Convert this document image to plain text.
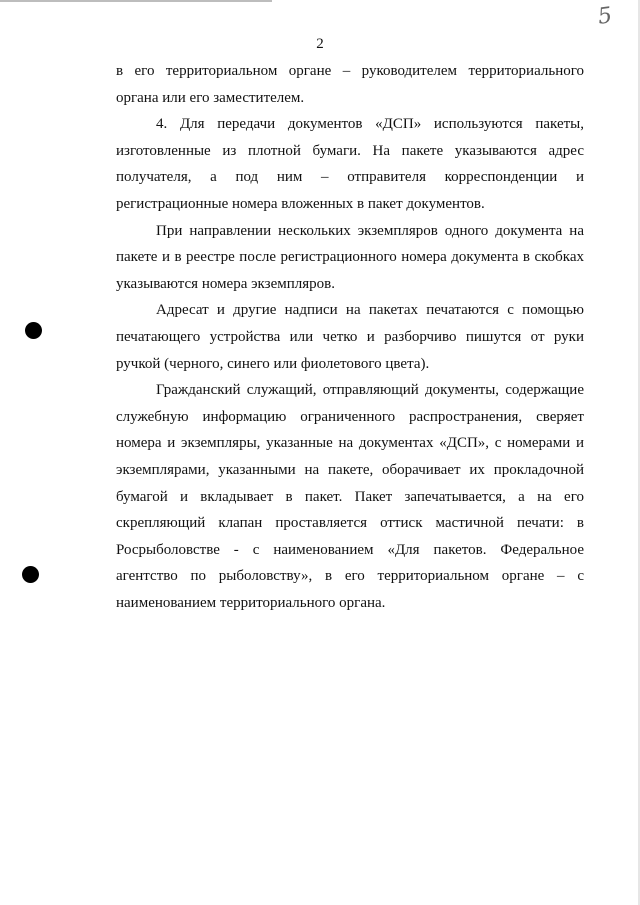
5
2

в его территориальном органе – руководителем территориального органа или его заместителем.

4. Для передачи документов «ДСП» используются пакеты, изготовленные из плотной бумаги. На пакете указываются адрес получателя, а под ним – отправителя корреспонденции и регистрационные номера вложенных в пакет документов.

При направлении нескольких экземпляров одного документа на пакете и в реестре после регистрационного номера документа в скобках указываются номера экземпляров.

Адресат и другие надписи на пакетах печатаются с помощью печатающего устройства или четко и разборчиво пишутся от руки ручкой (черного, синего или фиолетового цвета).

Гражданский служащий, отправляющий документы, содержащие служебную информацию ограниченного распространения, сверяет номера и экземпляры, указанные на документах «ДСП», с номерами и экземплярами, указанными на пакете, оборачивает их прокладочной бумагой и вкладывает в пакет. Пакет запечатывается, а на его скрепляющий клапан проставляется оттиск мастичной печати: в Росрыболовстве - с наименованием «Для пакетов. Федеральное агентство по рыболовству», в его территориальном органе – с наименованием территориального органа.
